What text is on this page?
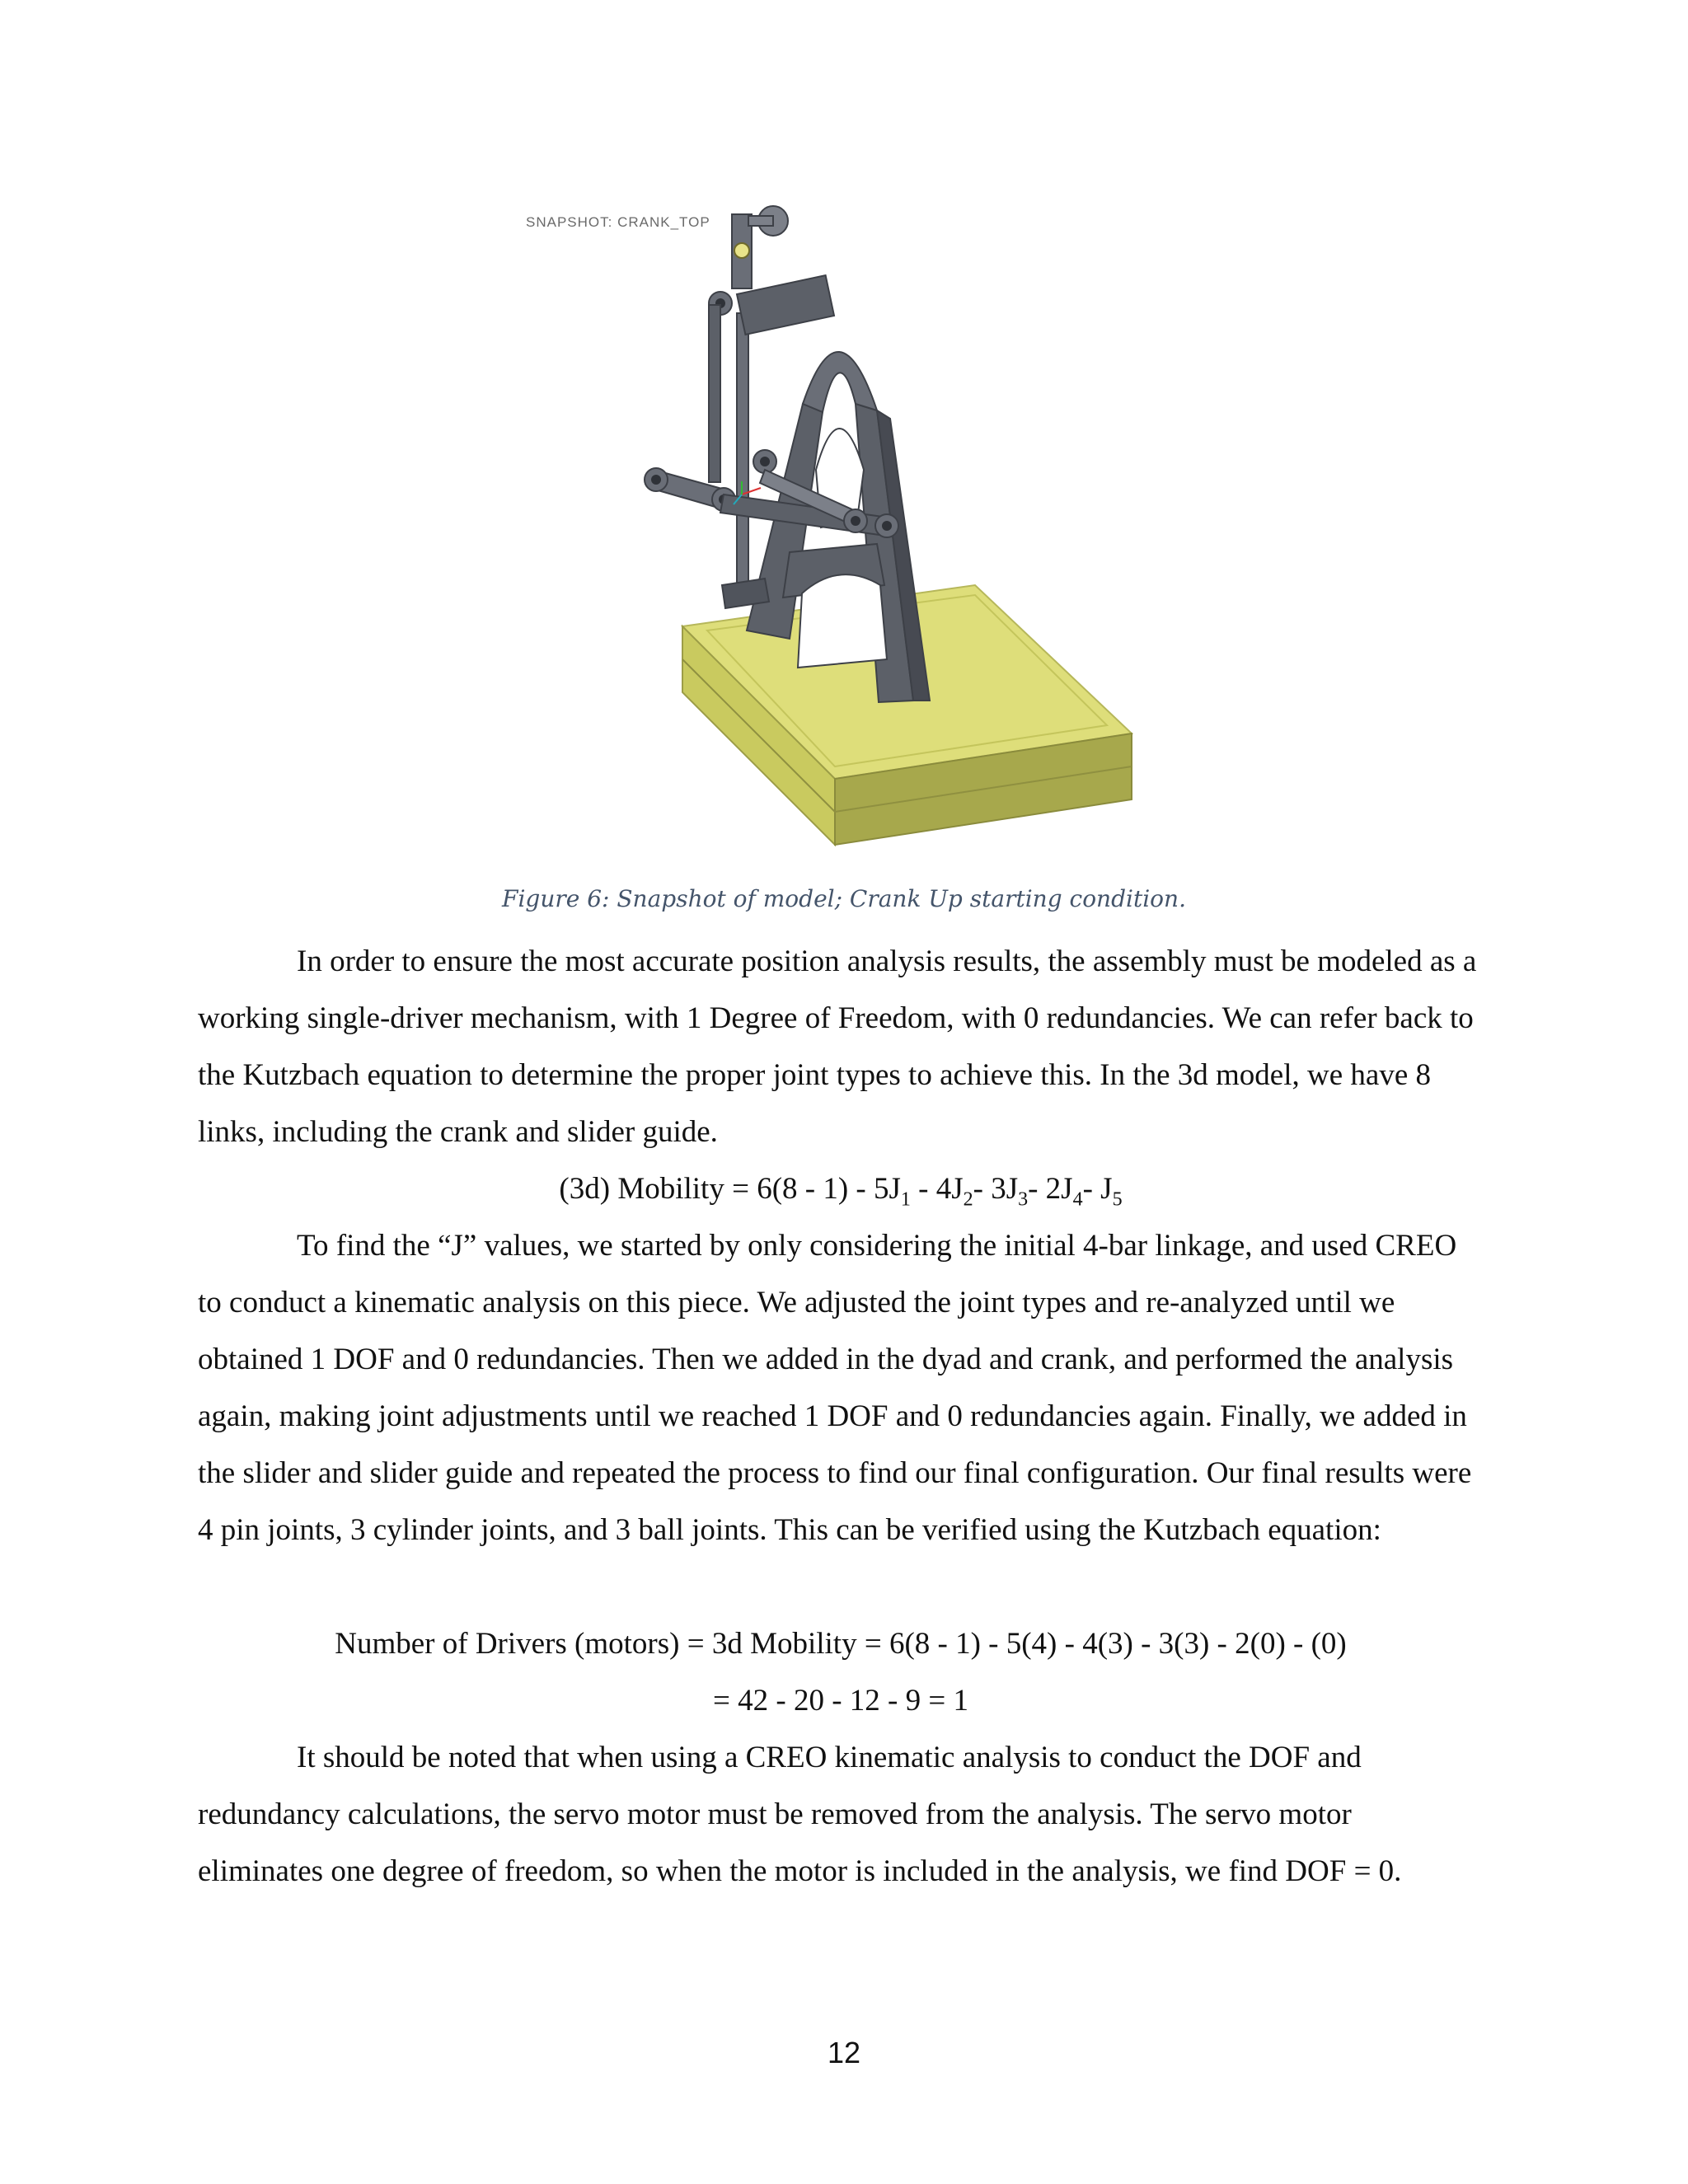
SNAPSHOT: CRANK_TOP
Figure 6: Snapshot of model; Crank Up starting condition.

In order to ensure the most accurate position analysis results, the assembly must be modeled as a working single-driver mechanism, with 1 Degree of Freedom, with 0 redundancies. We can refer back to the Kutzbach equation to determine the proper joint types to achieve this. In the 3d model, we have 8 links, including the crank and slider guide.

(3d) Mobility = $6(8 - 1) - 5J_1 - 4J_2-$ $3J_3-$ $2J_4-$ $J_5$

To find the “J” values, we started by only considering the initial 4-bar linkage, and used CREO to conduct a kinematic analysis on this piece. We adjusted the joint types and re-analyzed until we obtained 1 DOF and 0 redundancies. Then we added in the dyad and crank, and performed the analysis again, making joint adjustments until we reached 1 DOF and 0 redundancies again. Finally, we added in the slider and slider guide and repeated the process to find our final configuration. Our final results were 4 pin joints, 3 cylinder joints, and 3 ball joints. This can be verified using the Kutzbach equation:

Number of Drivers (motors) = 3d Mobility = 6(8 - 1) - 5(4) - 4(3) - 3(3) - 2(0) - (0)
= 42 - 20 - 12 - 9 = 1

It should be noted that when using a CREO kinematic analysis to conduct the DOF and redundancy calculations, the servo motor must be removed from the analysis. The servo motor eliminates one degree of freedom, so when the motor is included in the analysis, we find DOF = 0.

12
